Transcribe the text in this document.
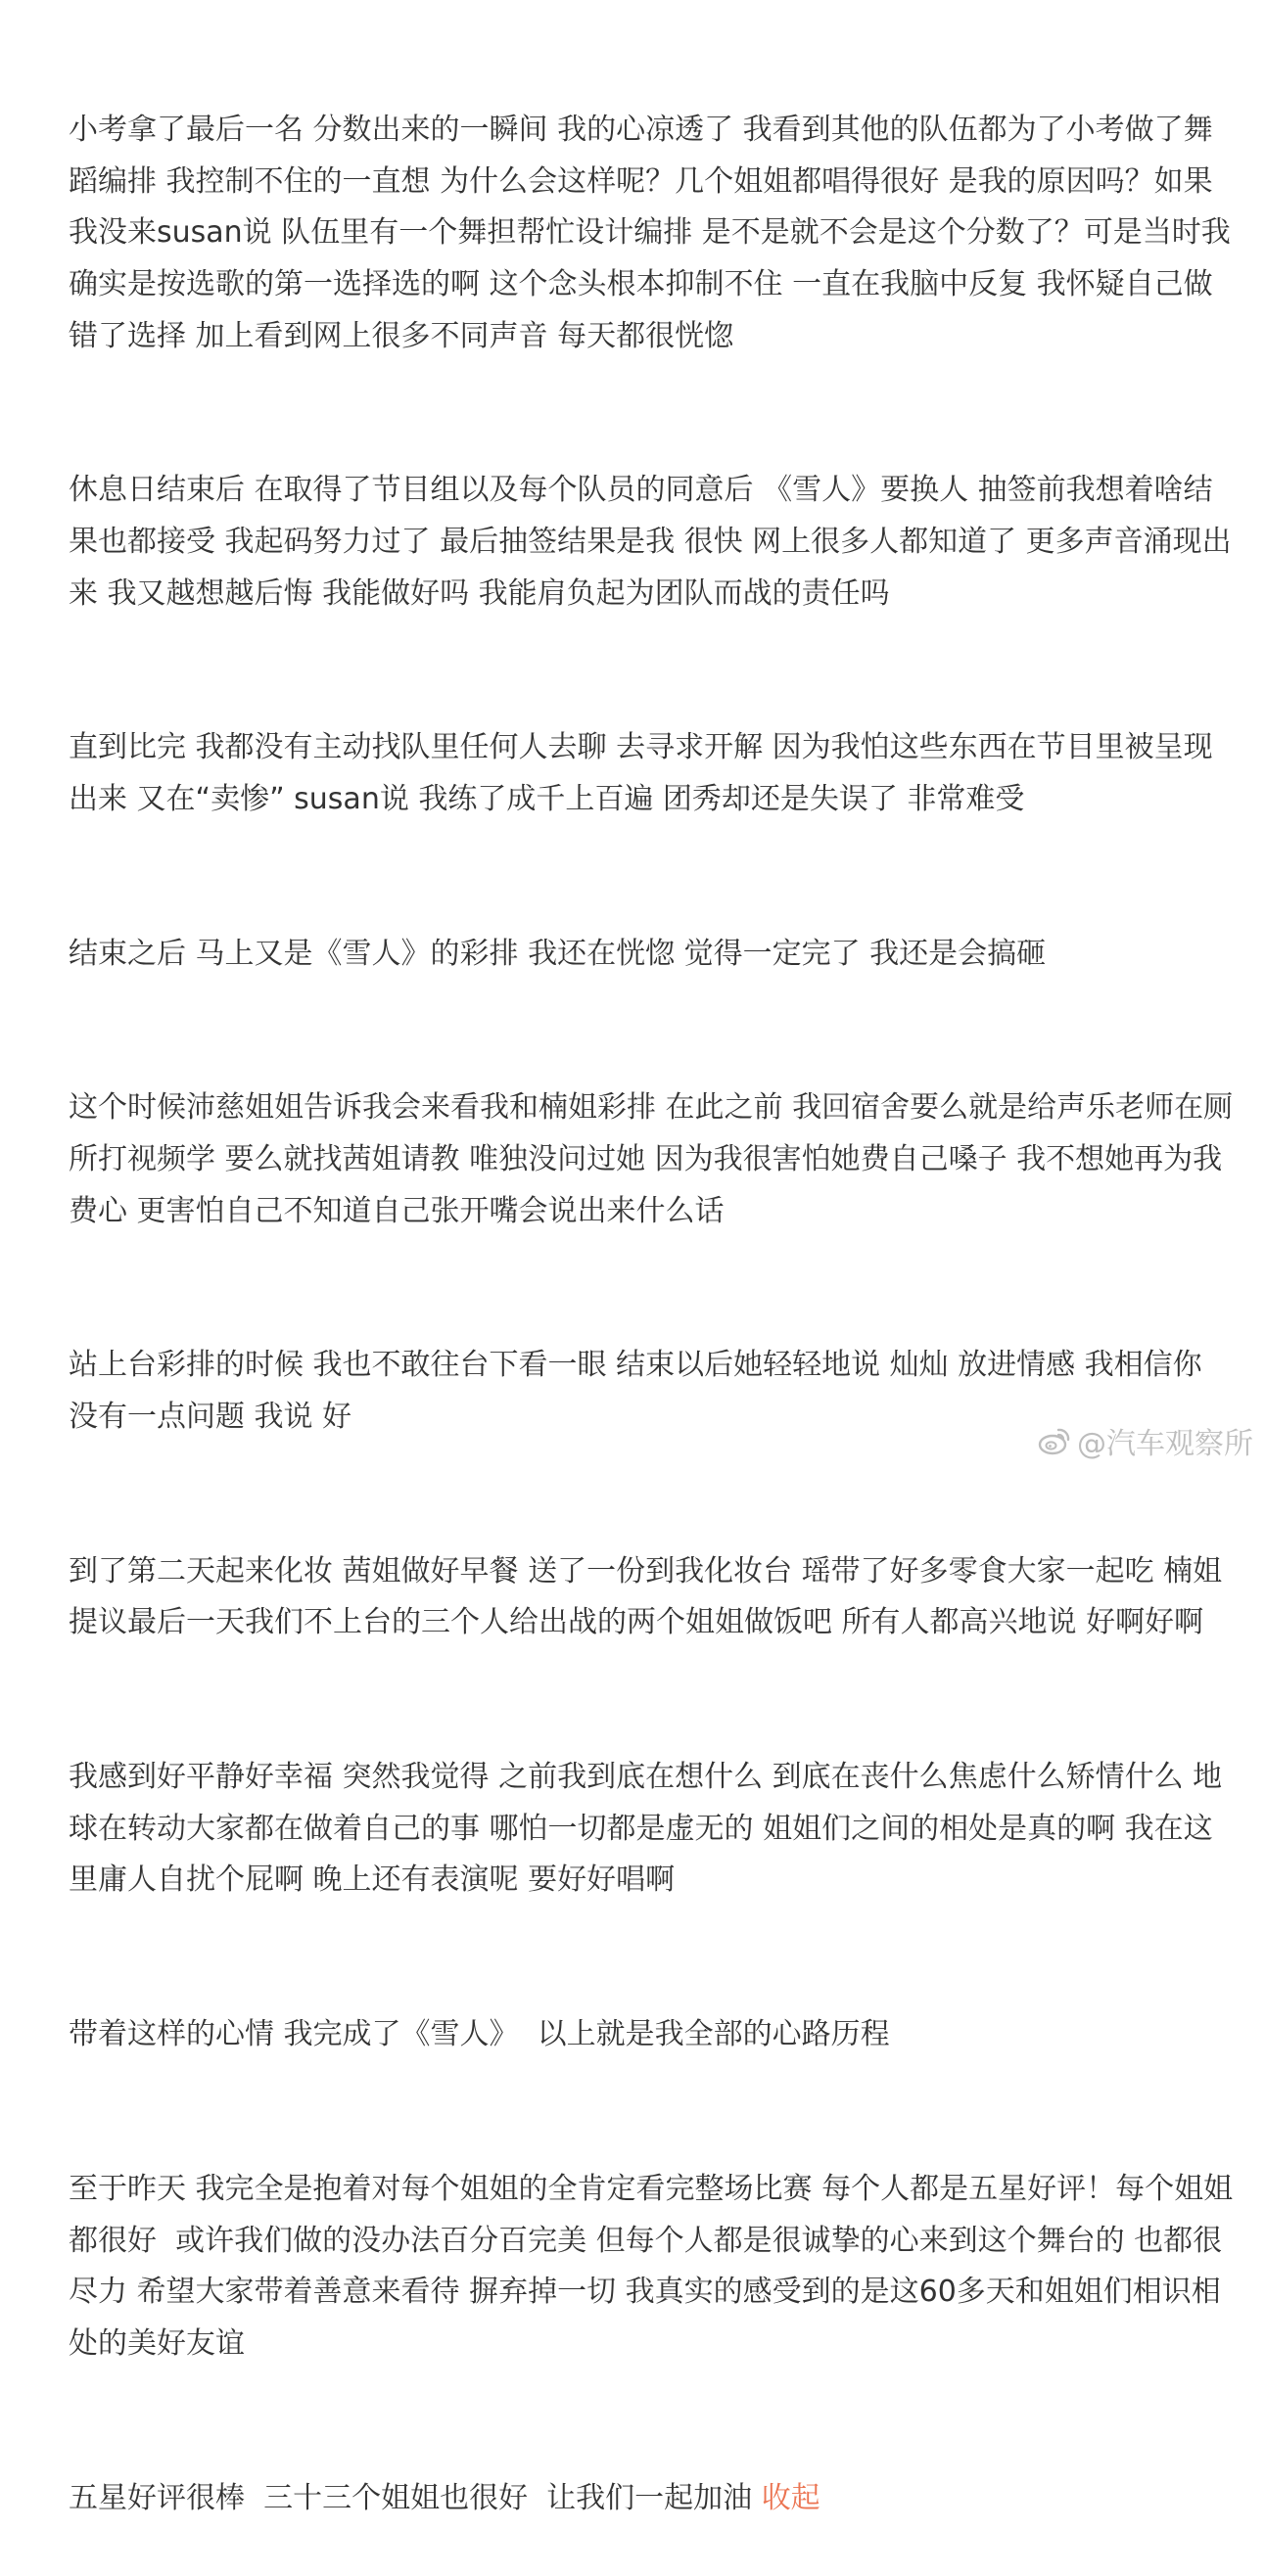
小考拿了最后一名 分数出来的一瞬间 我的心凉透了 我看到其他的队伍都为了小考做了舞蹈编排 我控制不住的一直想 为什么会这样呢？几个姐姐都唱得很好 是我的原因吗？如果我没来susan说 队伍里有一个舞担帮忙设计编排 是不是就不会是这个分数了？可是当时我确实是按选歌的第一选择选的啊 这个念头根本抑制不住 一直在我脑中反复 我怀疑自己做错了选择 加上看到网上很多不同声音 每天都很恍惚

休息日结束后 在取得了节目组以及每个队员的同意后 《雪人》要换人 抽签前我想着啥结果也都接受 我起码努力过了 最后抽签结果是我 很快 网上很多人都知道了 更多声音涌现出来 我又越想越后悔 我能做好吗 我能肩负起为团队而战的责任吗

直到比完 我都没有主动找队里任何人去聊 去寻求开解 因为我怕这些东西在节目里被呈现出来 又在“卖惨” susan说 我练了成千上百遍 团秀却还是失误了 非常难受

结束之后 马上又是《雪人》的彩排 我还在恍惚 觉得一定完了 我还是会搞砸

这个时候沛慈姐姐告诉我会来看我和楠姐彩排 在此之前 我回宿舍要么就是给声乐老师在厕所打视频学 要么就找茜姐请教 唯独没问过她 因为我很害怕她费自己嗓子 我不想她再为我费心 更害怕自己不知道自己张开嘴会说出来什么话

站上台彩排的时候 我也不敢往台下看一眼 结束以后她轻轻地说 灿灿 放进情感 我相信你 没有一点问题 我说 好

到了第二天起来化妆 茜姐做好早餐 送了一份到我化妆台 瑶带了好多零食大家一起吃 楠姐提议最后一天我们不上台的三个人给出战的两个姐姐做饭吧 所有人都高兴地说 好啊好啊

我感到好平静好幸福 突然我觉得 之前我到底在想什么 到底在丧什么焦虑什么矫情什么 地球在转动大家都在做着自己的事 哪怕一切都是虚无的 姐姐们之间的相处是真的啊 我在这里庸人自扰个屁啊 晚上还有表演呢 要好好唱啊

带着这样的心情 我完成了《雪人》  以上就是我全部的心路历程

至于昨天 我完全是抱着对每个姐姐的全肯定看完整场比赛 每个人都是五星好评！每个姐姐都很好  或许我们做的没办法百分百完美 但每个人都是很诚挚的心来到这个舞台的 也都很尽力 希望大家带着善意来看待 摒弃掉一切 我真实的感受到的是这60多天和姐姐们相识相处的美好友谊

五星好评很棒  三十三个姐姐也很好  让我们一起加油 收起

@汽车观察所
